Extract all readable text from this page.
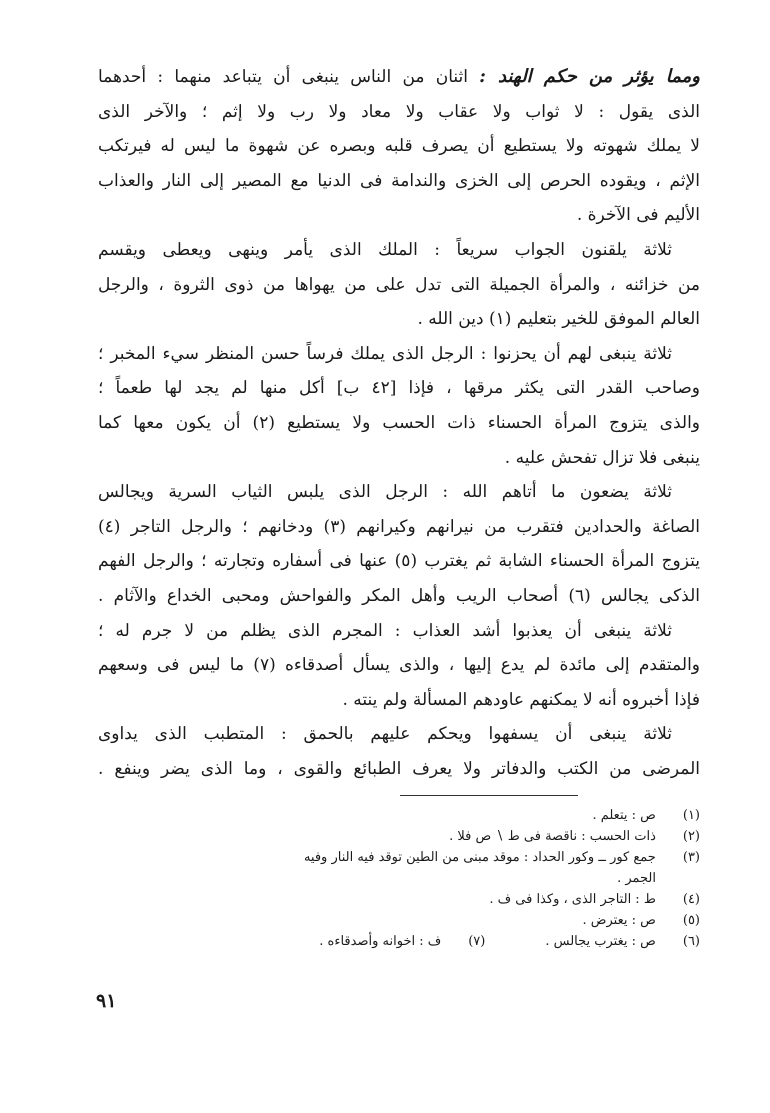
ومما يؤثر من حكم الهند : اثنان من الناس ينبغى أن يتباعد منهما : أحدهما
الذى يقول : لا ثواب ولا عقاب ولا معاد ولا رب ولا إثم ؛ والآخر الذى
لا يملك شهوته ولا يستطيع أن يصرف قلبه وبصره عن شهوة ما ليس له فيرتكب
الإثم ، ويقوده الحرص إلى الخزى والندامة فى الدنيا مع المصير إلى النار والعذاب
الأليم فى الآخرة .
ثلاثة يلقنون الجواب سريعاً : الملك الذى يأمر وينهى ويعطى ويقسم
من خزائنه ، والمرأة الجميلة التى تدل على من يهواها من ذوى الثروة ، والرجل
العالم الموفق للخير بتعليم (١) دين الله .
ثلاثة ينبغى لهم أن يحزنوا : الرجل الذى يملك فرساً حسن المنظر سيء المخبر ؛
وصاحب القدر التى يكثر مرقها ، فإذا [٤٢ ب] أكل منها لم يجد لها طعماً ؛
والذى يتزوج المرأة الحسناء ذات الحسب ولا يستطيع (٢) أن يكون معها كما
ينبغى فلا تزال تفحش عليه .
ثلاثة يضعون ما أتاهم الله : الرجل الذى يلبس الثياب السرية ويجالس
الصاغة والحدادين فتقرب من نيرانهم وكيرانهم (٣) ودخانهم ؛ والرجل التاجر (٤)
يتزوج المرأة الحسناء الشابة ثم يغترب (٥) عنها فى أسفاره وتجارته ؛ والرجل الفهم
الذكى يجالس (٦) أصحاب الريب وأهل المكر والفواحش ومحبى الخداع والآثام .
ثلاثة ينبغى أن يعذبوا أشد العذاب : المجرم الذى يظلم من لا جرم له ؛
والمتقدم إلى مائدة لم يدع إليها ، والذى يسأل أصدقاءه (٧) ما ليس فى وسعهم
فإذا أخبروه أنه لا يمكنهم عاودهم المسألة ولم ينته .
ثلاثة ينبغى أن يسفهوا ويحكم عليهم بالحمق : المتطبب الذى يداوى
المرضى من الكتب والدفاتر ولا يعرف الطبائع والقوى ، وما الذى يضر وينفع .
(١) ص : يتعلم .
(٢) ذات الحسب : ناقصة فى ط ∖ ص فلا .
(٣) جمع كور ــ وكور الحداد : موقد مبنى من الطين توقد فيه النار وفيه
الجمر .
(٤) ط : التاجر الذى ، وكذا فى ف .
(٥) ص : يعترض .
(٦) ص : يغترب يجالس .
(٧) ف : اخوانه وأصدقاءه .
٩١
